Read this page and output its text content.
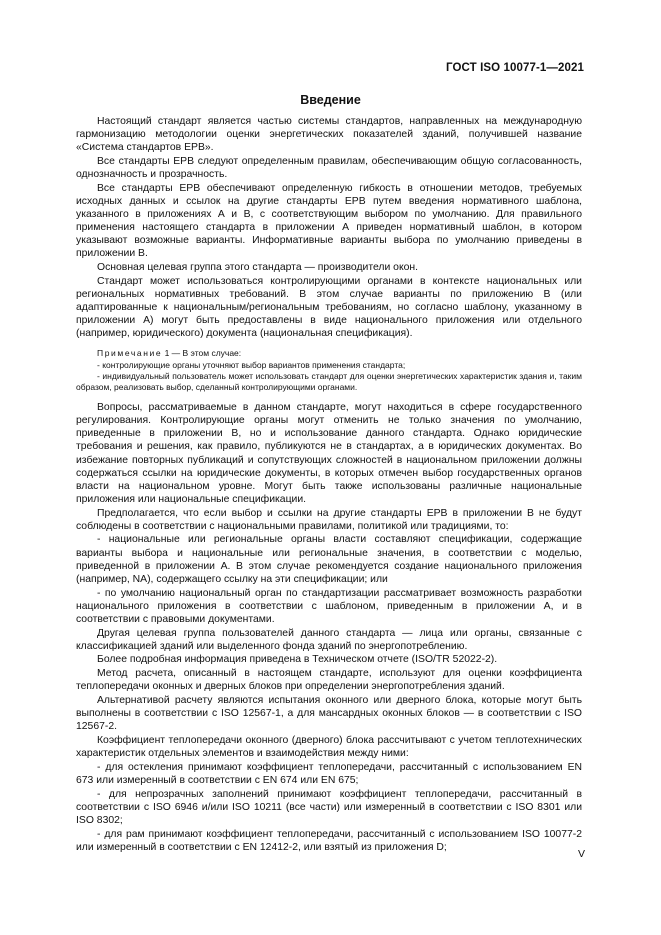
ГОСТ ISO 10077-1—2021
Введение

Настоящий стандарт является частью системы стандартов, направленных на международную гармонизацию методологии оценки энергетических показателей зданий, получившей название «Система стандартов ЕРВ».

Все стандарты ЕРВ следуют определенным правилам, обеспечивающим общую согласованность, однозначность и прозрачность.

Все стандарты ЕРВ обеспечивают определенную гибкость в отношении методов, требуемых исходных данных и ссылок на другие стандарты ЕРВ путем введения нормативного шаблона, указанного в приложениях А и В, с соответствующим выбором по умолчанию. Для правильного применения настоящего стандарта в приложении А приведен нормативный шаблон, в котором указывают возможные варианты. Информативные варианты выбора по умолчанию приведены в приложении В.

Основная целевая группа этого стандарта — производители окон.

Стандарт может использоваться контролирующими органами в контексте национальных или региональных нормативных требований. В этом случае варианты по приложению В (или адаптированные к национальным/региональным требованиям, но согласно шаблону, указанному в приложении А) могут быть предоставлены в виде национального приложения или отдельного (например, юридического) документа (национальная спецификация).

Примечание 1 — В этом случае:

- контролирующие органы уточняют выбор вариантов применения стандарта;

- индивидуальный пользователь может использовать стандарт для оценки энергетических характеристик здания и, таким образом, реализовать выбор, сделанный контролирующими органами.

Вопросы, рассматриваемые в данном стандарте, могут находиться в сфере государственного регулирования. Контролирующие органы могут отменить не только значения по умолчанию, приведенные в приложении В, но и использование данного стандарта. Однако юридические требования и решения, как правило, публикуются не в стандартах, а в юридических документах. Во избежание повторных публикаций и сопутствующих сложностей в национальном приложении должны содержаться ссылки на юридические документы, в которых отмечен выбор государственных органов власти на национальном уровне. Могут быть также использованы различные национальные приложения или национальные спецификации.

Предполагается, что если выбор и ссылки на другие стандарты ЕРВ в приложении В не будут соблюдены в соответствии с национальными правилами, политикой или традициями, то:

- национальные или региональные органы власти составляют спецификации, содержащие варианты выбора и национальные или региональные значения, в соответствии с моделью, приведенной в приложении А. В этом случае рекомендуется создание национального приложения (например, NA), содержащего ссылку на эти спецификации; или

- по умолчанию национальный орган по стандартизации рассматривает возможность разработки национального приложения в соответствии с шаблоном, приведенным в приложении А, и в соответствии с правовыми документами.

Другая целевая группа пользователей данного стандарта — лица или органы, связанные с классификацией зданий или выделенного фонда зданий по энергопотреблению.

Более подробная информация приведена в Техническом отчете (ISO/TR 52022-2).

Метод расчета, описанный в настоящем стандарте, используют для оценки коэффициента теплопередачи оконных и дверных блоков при определении энергопотребления зданий.

Альтернативой расчету являются испытания оконного или дверного блока, которые могут быть выполнены в соответствии с ISO 12567-1, а для мансардных оконных блоков — в соответствии с ISO 12567-2.

Коэффициент теплопередачи оконного (дверного) блока рассчитывают с учетом теплотехнических характеристик отдельных элементов и взаимодействия между ними:

- для остекления принимают коэффициент теплопередачи, рассчитанный с использованием EN 673 или измеренный в соответствии с EN 674 или EN 675;

- для непрозрачных заполнений принимают коэффициент теплопередачи, рассчитанный в соответствии с ISO 6946 и/или ISO 10211 (все части) или измеренный в соответствии с ISO 8301 или ISO 8302;

- для рам принимают коэффициент теплопередачи, рассчитанный с использованием ISO 10077-2 или измеренный в соответствии с EN 12412-2, или взятый из приложения D;

V
